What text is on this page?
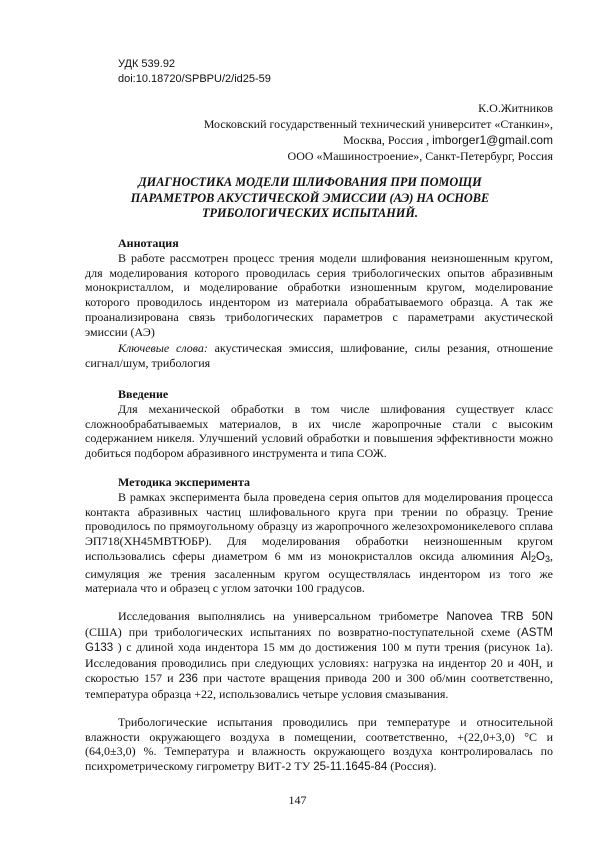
УДК 539.92
doi:10.18720/SPBPU/2/id25-59
К.О.Житников
Московский государственный технический университет «Станкин»,
Москва, Россия , imborger1@gmail.com
ООО «Машиностроение», Санкт-Петербург, Россия
ДИАГНОСТИКА МОДЕЛИ ШЛИФОВАНИЯ ПРИ ПОМОЩИ ПАРАМЕТРОВ АКУСТИЧЕСКОЙ ЭМИССИИ (АЭ) НА ОСНОВЕ ТРИБОЛОГИЧЕСКИХ ИСПЫТАНИЙ.
Аннотация
В работе рассмотрен процесс трения модели шлифования неизношенным кругом, для моделирования которого проводилась серия трибологических опытов абразивным монокристаллом, и моделирование обработки изношенным кругом, моделирование которого проводилось индентором из материала обрабатываемого образца. А так же проанализирована связь трибологических параметров с параметрами акустической эмиссии (АЭ)
Ключевые слова: акустическая эмиссия, шлифование, силы резания, отношение сигнал/шум, трибология
Введение
Для механической обработки в том числе шлифования существует класс сложнообрабатываемых материалов, в их числе жаропрочные стали с высоким содержанием никеля. Улучшений условий обработки и повышения эффективности можно добиться подбором абразивного инструмента и типа СОЖ.
Методика эксперимента
В рамках эксперимента была проведена серия опытов для моделирования процесса контакта абразивных частиц шлифовального круга при трении по образцу. Трение проводилось по прямоугольному образцу из жаропрочного железохромоникелевого сплава ЭП718(ХН45МВТЮБР). Для моделирования обработки неизношенным кругом использовались сферы диаметром 6 мм из монокристаллов оксида алюминия $Al_2O_3$, симуляция же трения засаленным кругом осуществлялась индентором из того же материала что и образец с углом заточки 100 градусов.
Исследования выполнялись на универсальном трибометре Nanovea TRB 50N (США) при трибологических испытаниях по возвратно-поступательной схеме (ASTM G133 ) с длиной хода индентора 15 мм до достижения 100 м пути трения (рисунок 1а). Исследования проводились при следующих условиях: нагрузка на индентор 20 и 40Н, и скоростью 157 и 236 при частоте вращения привода 200 и 300 об/мин соответственно, температура образца +22, использовались четыре условия смазывания.
Трибологические испытания проводились при температуре и относительной влажности окружающего воздуха в помещении, соответственно, +(22,0+3,0) °С и (64,0±3,0) %. Температура и влажность окружающего воздуха контролировалась по психрометрическому гигрометру ВИТ-2 ТУ 25-11.1645-84 (Россия).
147
